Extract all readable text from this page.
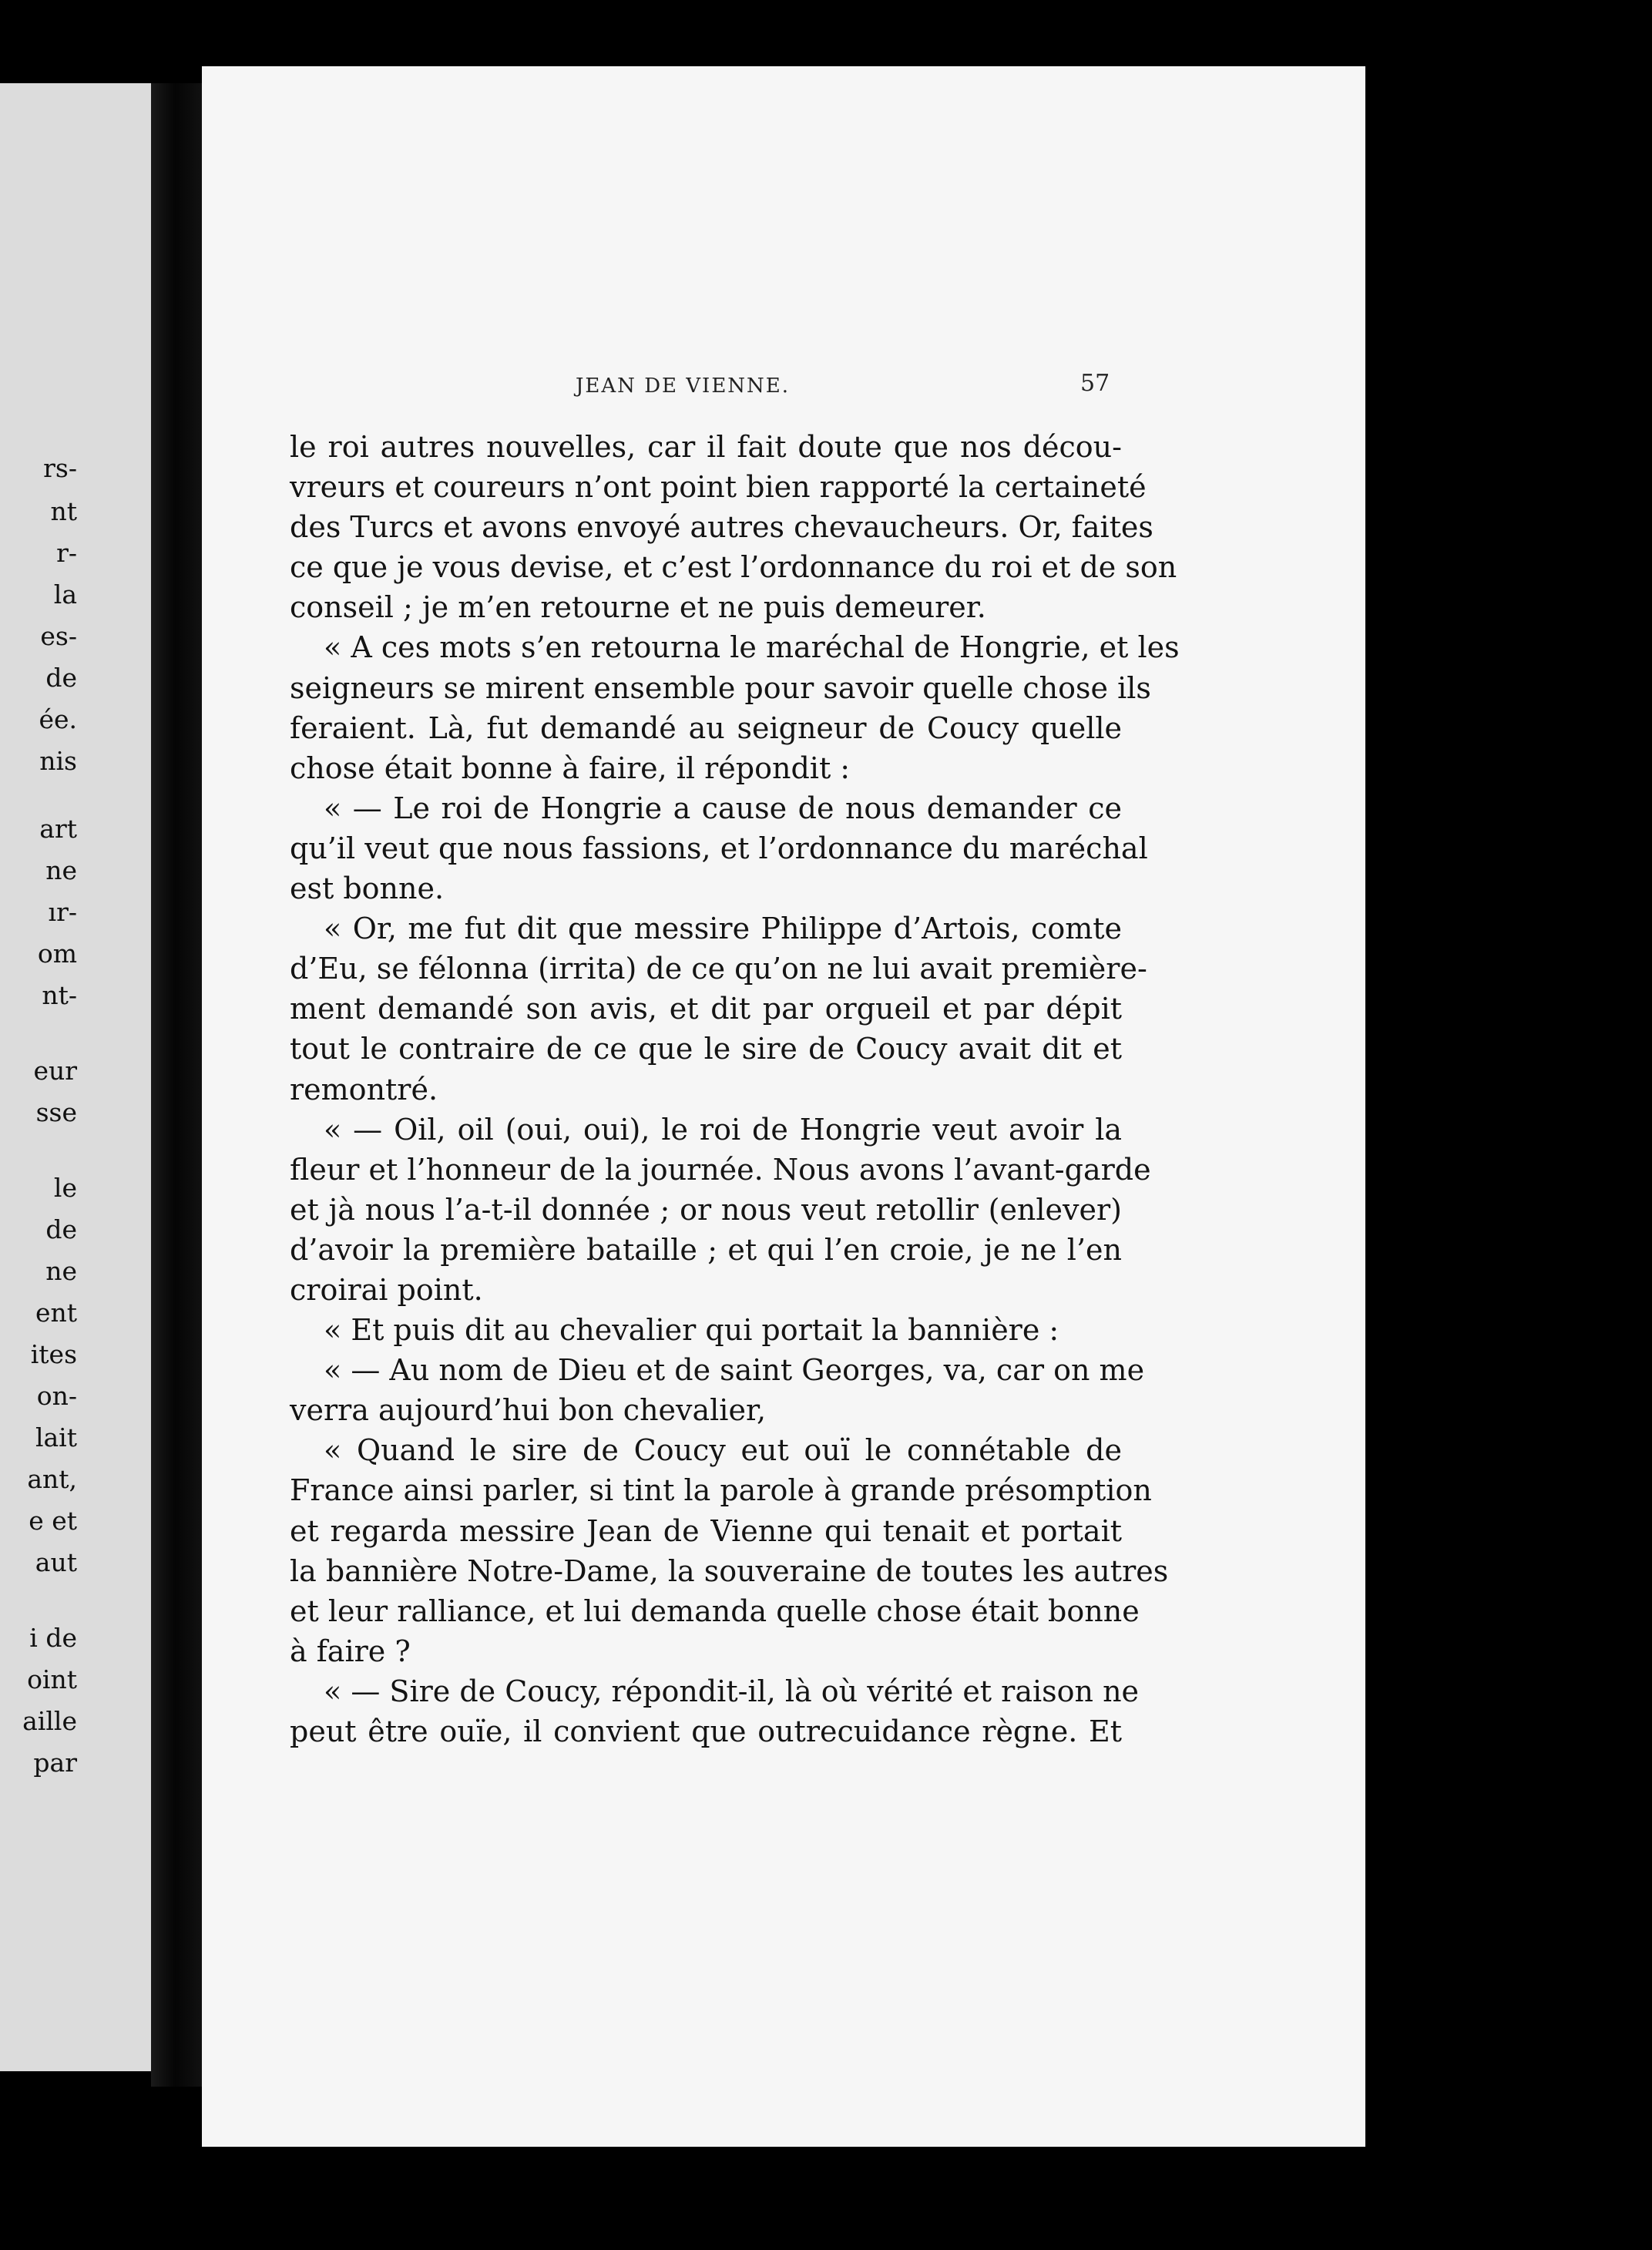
rs-
nt
r-
la
es-
de
ée.
nis
art
ne
ır-
om
nt-
eur
sse
le
de
ne
ent
ites
on-
lait
ant,
e et
aut
i de
oint
aille
par
JEAN DE VIENNE.	57
le roi autres nouvelles, car il fait doute que nos décou-
vreurs et coureurs n’ont point bien rapporté la certaineté
des Turcs et avons envoyé autres chevaucheurs. Or, faites
ce que je vous devise, et c’est l’ordonnance du roi et de son
conseil ; je m’en retourne et ne puis demeurer.
« A ces mots s’en retourna le maréchal de Hongrie, et les
seigneurs se mirent ensemble pour savoir quelle chose ils
feraient. Là, fut demandé au seigneur de Coucy quelle
chose était bonne à faire, il répondit :
« — Le roi de Hongrie a cause de nous demander ce
qu’il veut que nous fassions, et l’ordonnance du maréchal
est bonne.
« Or, me fut dit que messire Philippe d’Artois, comte
d’Eu, se félonna (irrita) de ce qu’on ne lui avait première-
ment demandé son avis, et dit par orgueil et par dépit
tout le contraire de ce que le sire de Coucy avait dit et
remontré.
« — Oil, oil (oui, oui), le roi de Hongrie veut avoir la
fleur et l’honneur de la journée. Nous avons l’avant-garde
et jà nous l’a-t-il donnée ; or nous veut retollir (enlever)
d’avoir la première bataille ; et qui l’en croie, je ne l’en
croirai point.
« Et puis dit au chevalier qui portait la bannière :
« — Au nom de Dieu et de saint Georges, va, car on me
verra aujourd’hui bon chevalier,
« Quand le sire de Coucy eut ouï le connétable de
France ainsi parler, si tint la parole à grande présomption
et regarda messire Jean de Vienne qui tenait et portait
la bannière Notre-Dame, la souveraine de toutes les autres
et leur ralliance, et lui demanda quelle chose était bonne
à faire ?
« — Sire de Coucy, répondit-il, là où vérité et raison ne
peut être ouïe, il convient que outrecuidance règne. Et
